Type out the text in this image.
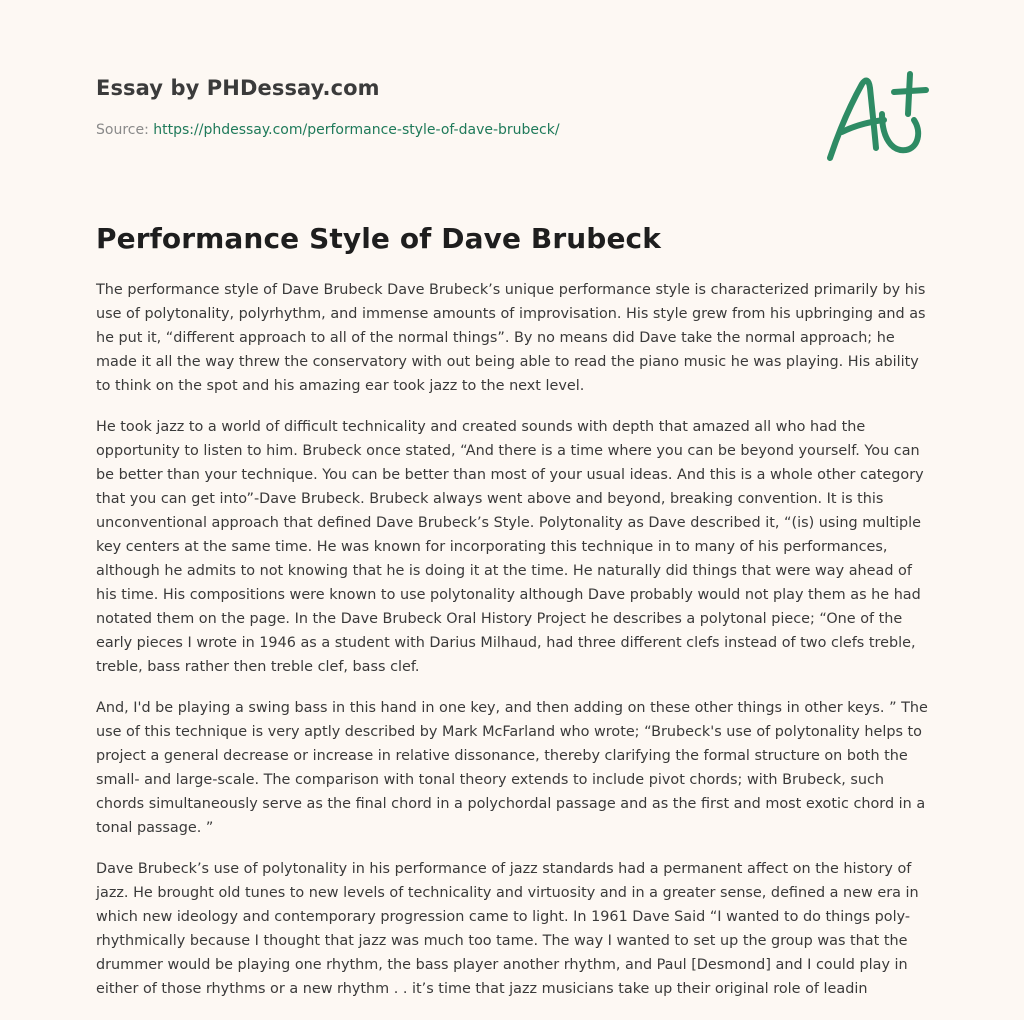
Essay by PHDessay.com
Source: https://phdessay.com/performance-style-of-dave-brubeck/
Performance Style of Dave Brubeck

The performance style of Dave Brubeck Dave Brubeck’s unique performance style is characterized primarily by his use of polytonality, polyrhythm, and immense amounts of improvisation. His style grew from his upbringing and as he put it, “different approach to all of the normal things”. By no means did Dave take the normal approach; he made it all the way threw the conservatory with out being able to read the piano music he was playing. His ability to think on the spot and his amazing ear took jazz to the next level.

He took jazz to a world of difficult technicality and created sounds with depth that amazed all who had the opportunity to listen to him. Brubeck once stated, “And there is a time where you can be beyond yourself. You can be better than your technique. You can be better than most of your usual ideas. And this is a whole other category that you can get into”-Dave Brubeck. Brubeck always went above and beyond, breaking convention. It is this unconventional approach that defined Dave Brubeck’s Style. Polytonality as Dave described it, “(is) using multiple key centers at the same time. He was known for incorporating this technique in to many of his performances, although he admits to not knowing that he is doing it at the time. He naturally did things that were way ahead of his time. His compositions were known to use polytonality although Dave probably would not play them as he had notated them on the page. In the Dave Brubeck Oral History Project he describes a polytonal piece; “One of the early pieces I wrote in 1946 as a student with Darius Milhaud, had three different clefs instead of two clefs treble, treble, bass rather then treble clef, bass clef.

And, I'd be playing a swing bass in this hand in one key, and then adding on these other things in other keys. ” The use of this technique is very aptly described by Mark McFarland who wrote; “Brubeck's use of polytonality helps to project a general decrease or increase in relative dissonance, thereby clarifying the formal structure on both the small- and large-scale. The comparison with tonal theory extends to include pivot chords; with Brubeck, such chords simultaneously serve as the final chord in a polychordal passage and as the first and most exotic chord in a tonal passage. ”

Dave Brubeck’s use of polytonality in his performance of jazz standards had a permanent affect on the history of jazz. He brought old tunes to new levels of technicality and virtuosity and in a greater sense, defined a new era in which new ideology and contemporary progression came to light. In 1961 Dave Said “I wanted to do things poly-rhythmically because I thought that jazz was much too tame. The way I wanted to set up the group was that the drummer would be playing one rhythm, the bass player another rhythm, and Paul [Desmond] and I could play in either of those rhythms or a new rhythm . . it’s time that jazz musicians take up their original role of leadin
